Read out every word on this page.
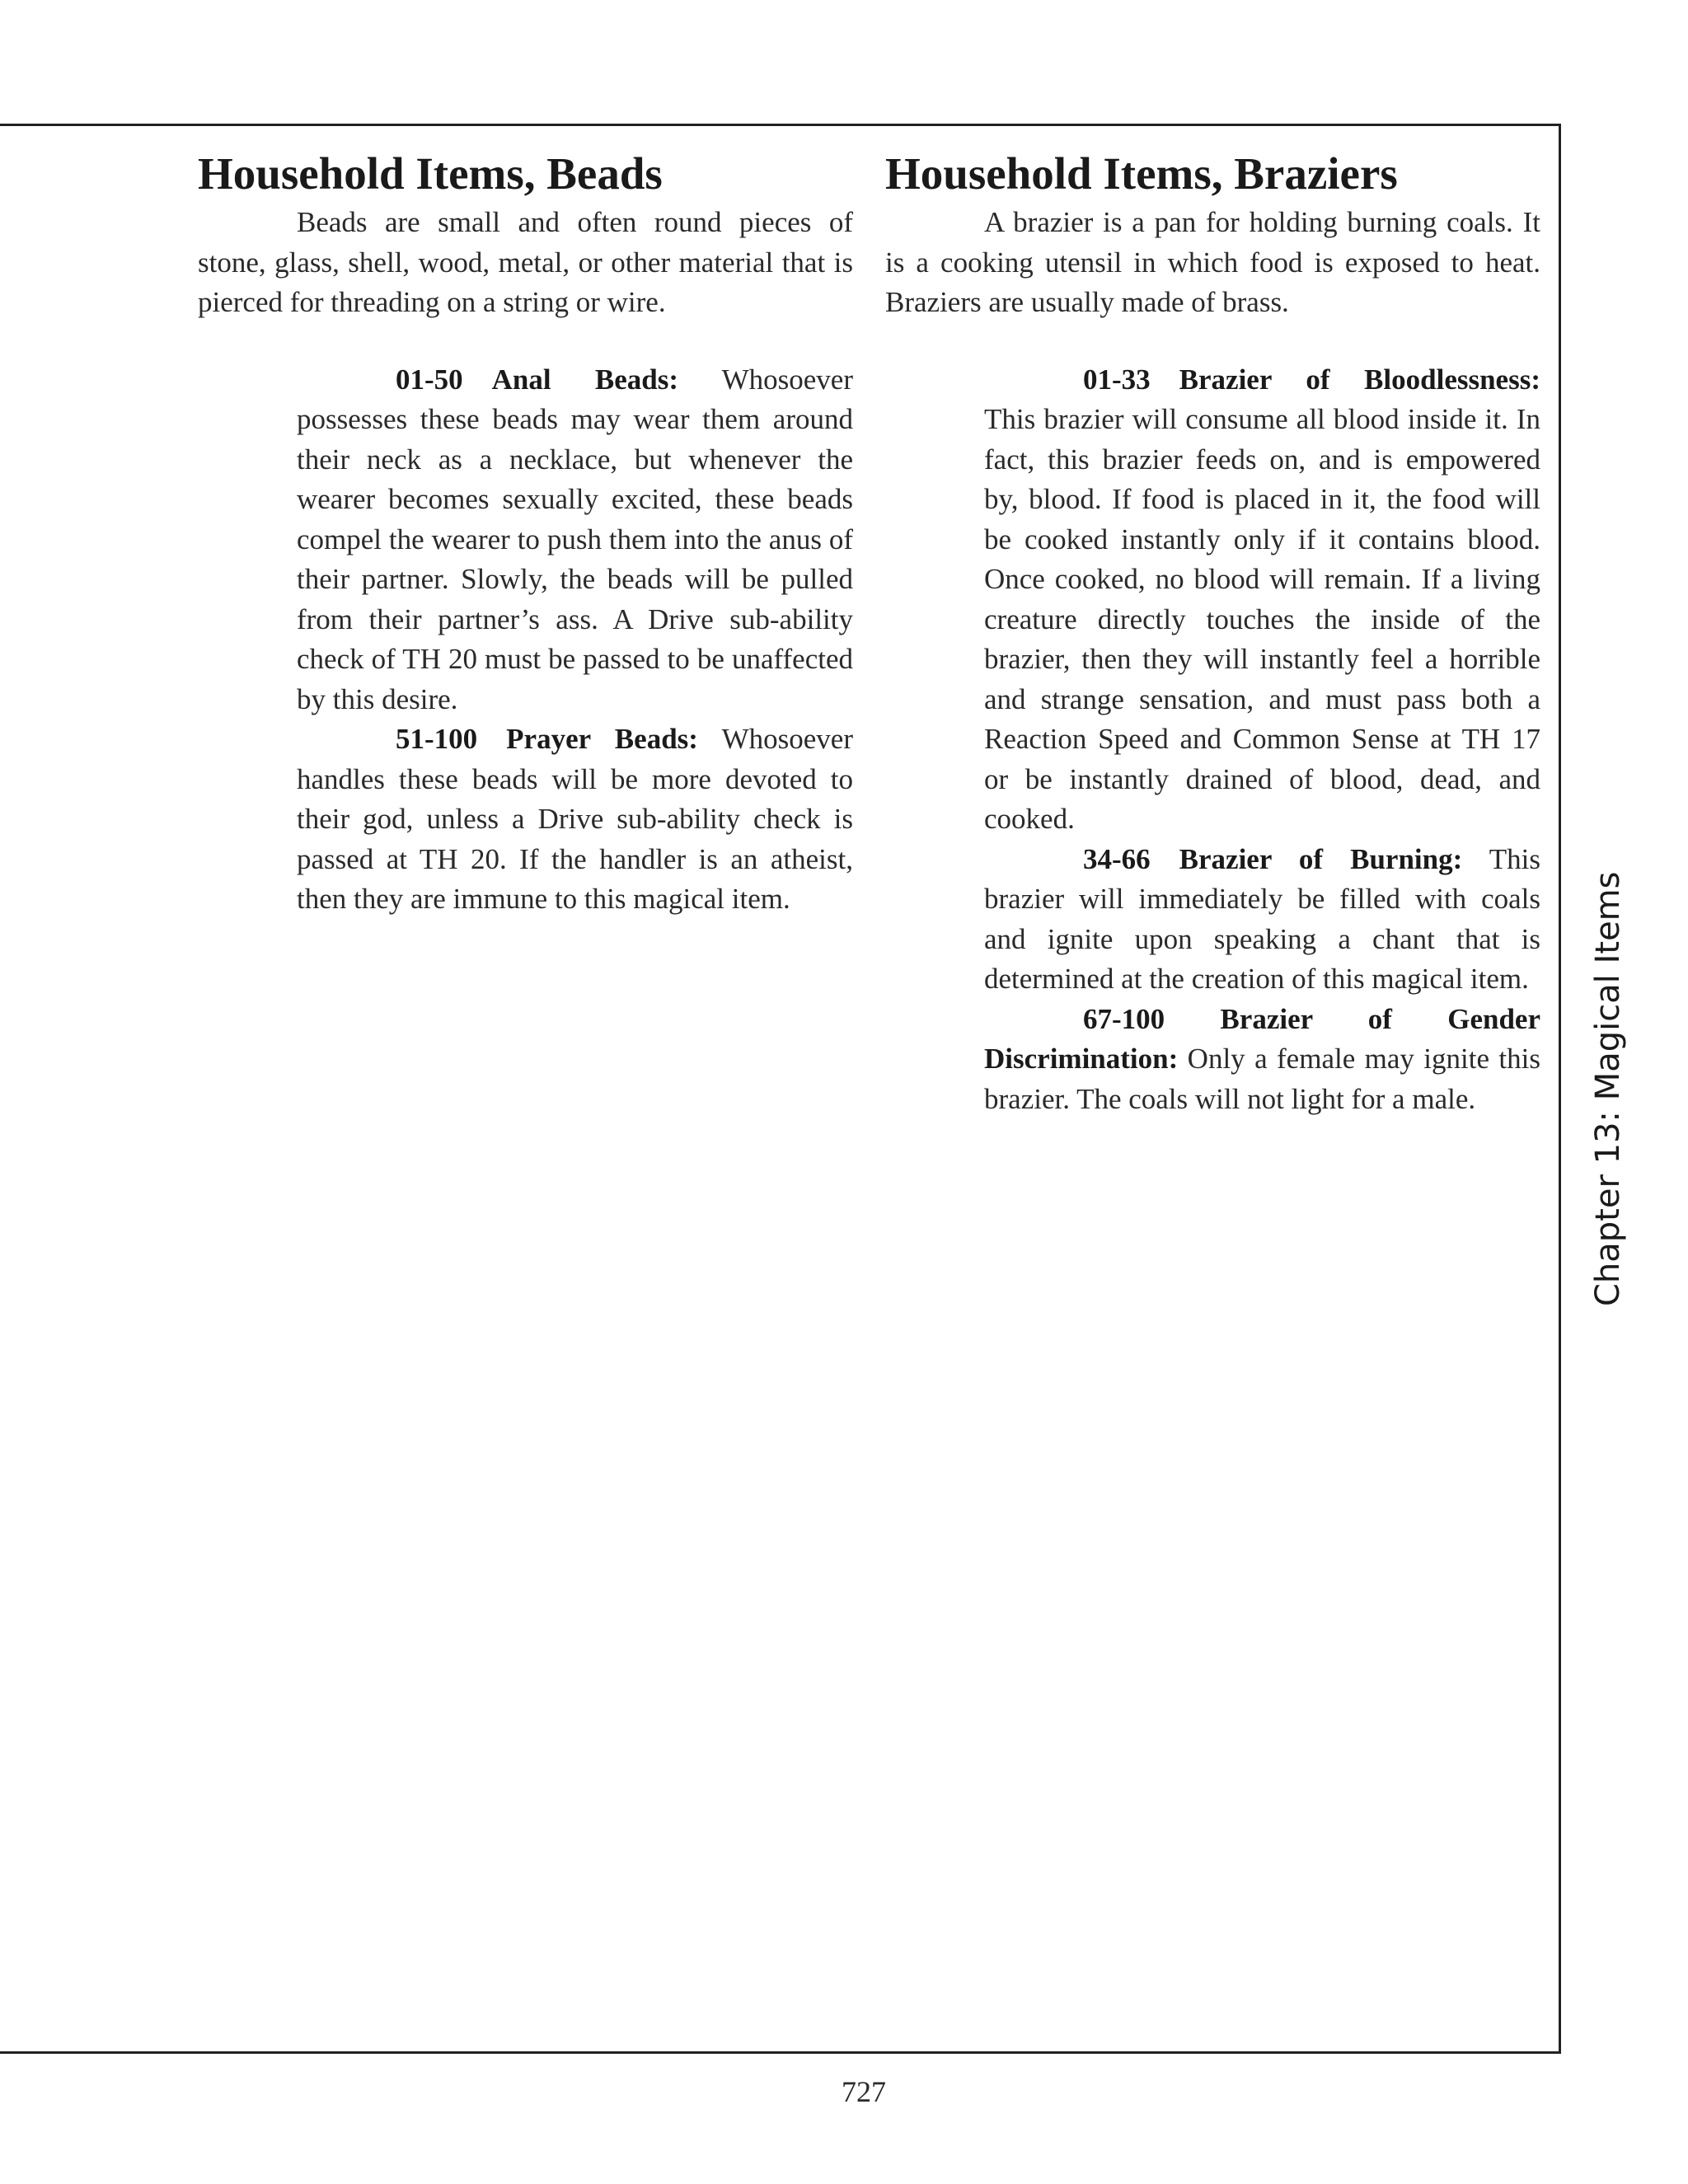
Household Items, Beads

Beads are small and often round pieces of stone, glass, shell, wood, metal, or other material that is pierced for threading on a string or wire.

01-50 Anal Beads: Whosoever possesses these beads may wear them around their neck as a necklace, but whenever the wearer becomes sexually excited, these beads compel the wearer to push them into the anus of their partner. Slowly, the beads will be pulled from their partner’s ass. A Drive sub-ability check of TH 20 must be passed to be unaffected by this desire.

51-100 Prayer Beads: Whosoever handles these beads will be more devoted to their god, unless a Drive sub-ability check is passed at TH 20. If the handler is an atheist, then they are immune to this magical item.

Household Items, Braziers

A brazier is a pan for holding burning coals. It is a cooking utensil in which food is exposed to heat. Braziers are usually made of brass.

01-33 Brazier of Bloodlessness: This brazier will consume all blood inside it. In fact, this brazier feeds on, and is empowered by, blood. If food is placed in it, the food will be cooked instantly only if it contains blood. Once cooked, no blood will remain. If a living creature directly touches the inside of the brazier, then they will instantly feel a horrible and strange sensation, and must pass both a Reaction Speed and Common Sense at TH 17 or be instantly drained of blood, dead, and cooked.

34-66 Brazier of Burning: This brazier will immediately be filled with coals and ignite upon speaking a chant that is determined at the creation of this magical item.

67-100 Brazier of Gender Discrimination: Only a female may ignite this brazier. The coals will not light for a male.	Chapter 13: Magical Items
727
